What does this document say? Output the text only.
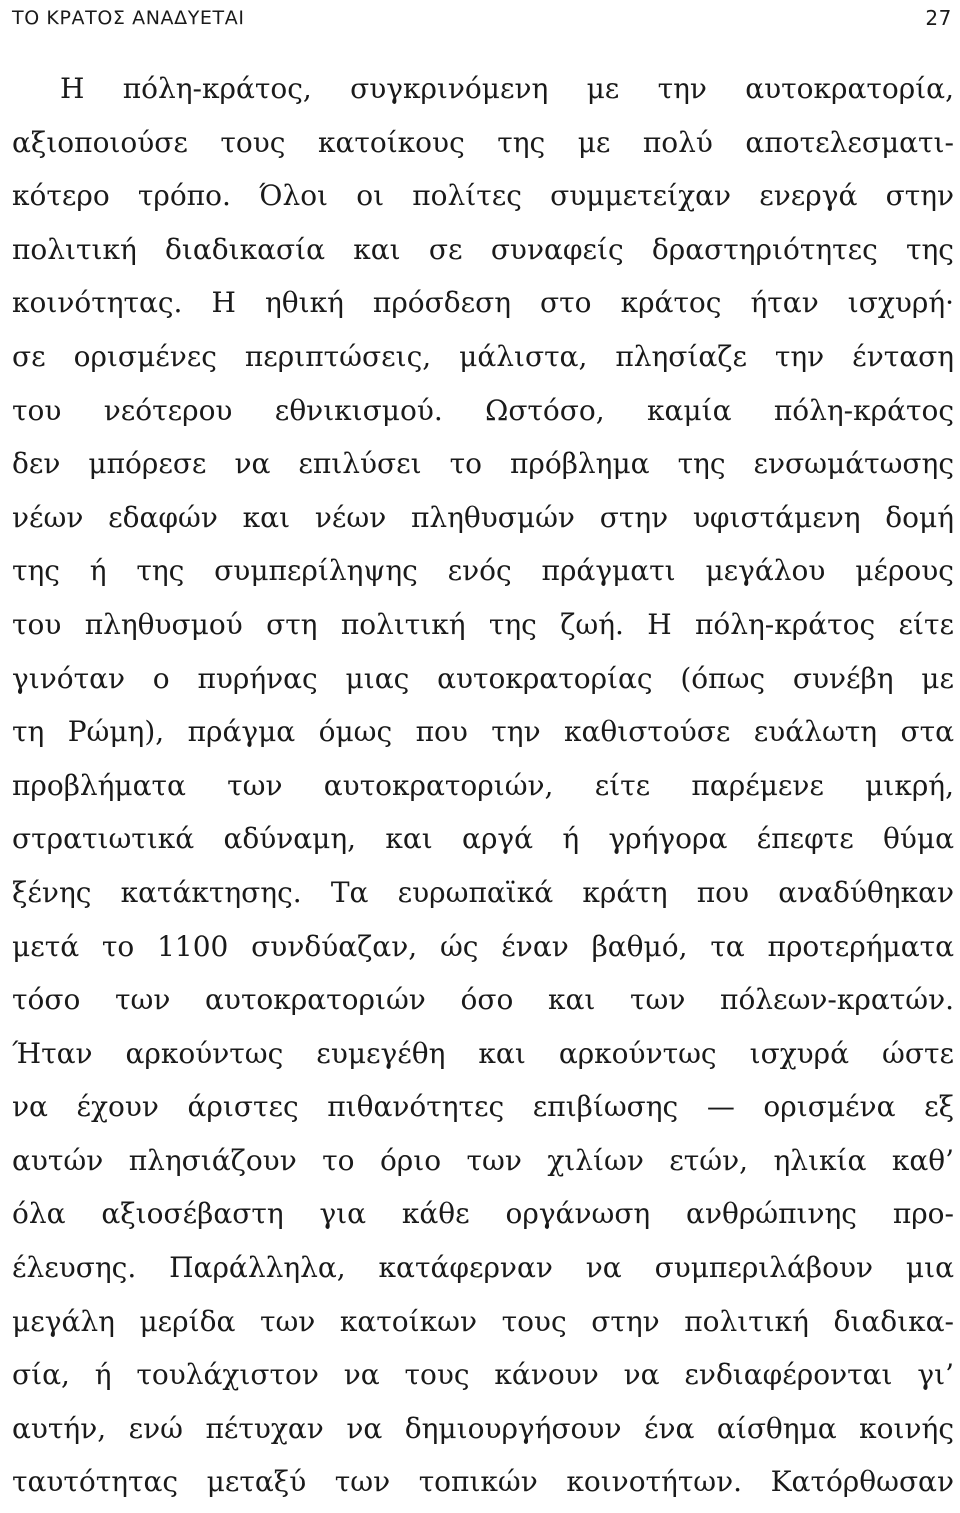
ΤΟ ΚΡΑΤΟΣ ΑΝΑΔΥΕΤΑΙ	27
Η πόλη-κράτος, συγκρινόμενη με την αυτοκρατορία,
αξιοποιούσε τους κατοίκους της με πολύ αποτελεσματι-
κότερο τρόπο. Όλοι οι πολίτες συμμετείχαν ενεργά στην
πολιτική διαδικασία και σε συναφείς δραστηριότητες της
κοινότητας. Η ηθική πρόσδεση στο κράτος ήταν ισχυρή·
σε ορισμένες περιπτώσεις, μάλιστα, πλησίαζε την ένταση
του νεότερου εθνικισμού. Ωστόσο, καμία πόλη-κράτος
δεν μπόρεσε να επιλύσει το πρόβλημα της ενσωμάτωσης
νέων εδαφών και νέων πληθυσμών στην υφιστάμενη δομή
της ή της συμπερίληψης ενός πράγματι μεγάλου μέρους
του πληθυσμού στη πολιτική της ζωή. Η πόλη-κράτος είτε
γινόταν ο πυρήνας μιας αυτοκρατορίας (όπως συνέβη με
τη Ρώμη), πράγμα όμως που την καθιστούσε ευάλωτη στα
προβλήματα των αυτοκρατοριών, είτε παρέμενε μικρή,
στρατιωτικά αδύναμη, και αργά ή γρήγορα έπεφτε θύμα
ξένης κατάκτησης. Τα ευρωπαϊκά κράτη που αναδύθηκαν
μετά το 1100 συνδύαζαν, ώς έναν βαθμό, τα προτερήματα
τόσο των αυτοκρατοριών όσο και των πόλεων-κρατών.
Ήταν αρκούντως ευμεγέθη και αρκούντως ισχυρά ώστε
να έχουν άριστες πιθανότητες επιβίωσης — ορισμένα εξ
αυτών πλησιάζουν το όριο των χιλίων ετών, ηλικία καθ’
όλα αξιοσέβαστη για κάθε οργάνωση ανθρώπινης προ-
έλευσης. Παράλληλα, κατάφερναν να συμπεριλάβουν μια
μεγάλη μερίδα των κατοίκων τους στην πολιτική διαδικα-
σία, ή τουλάχιστον να τους κάνουν να ενδιαφέρονται γι’
αυτήν, ενώ πέτυχαν να δημιουργήσουν ένα αίσθημα κοινής
ταυτότητας μεταξύ των τοπικών κοινοτήτων. Κατόρθωσαν
